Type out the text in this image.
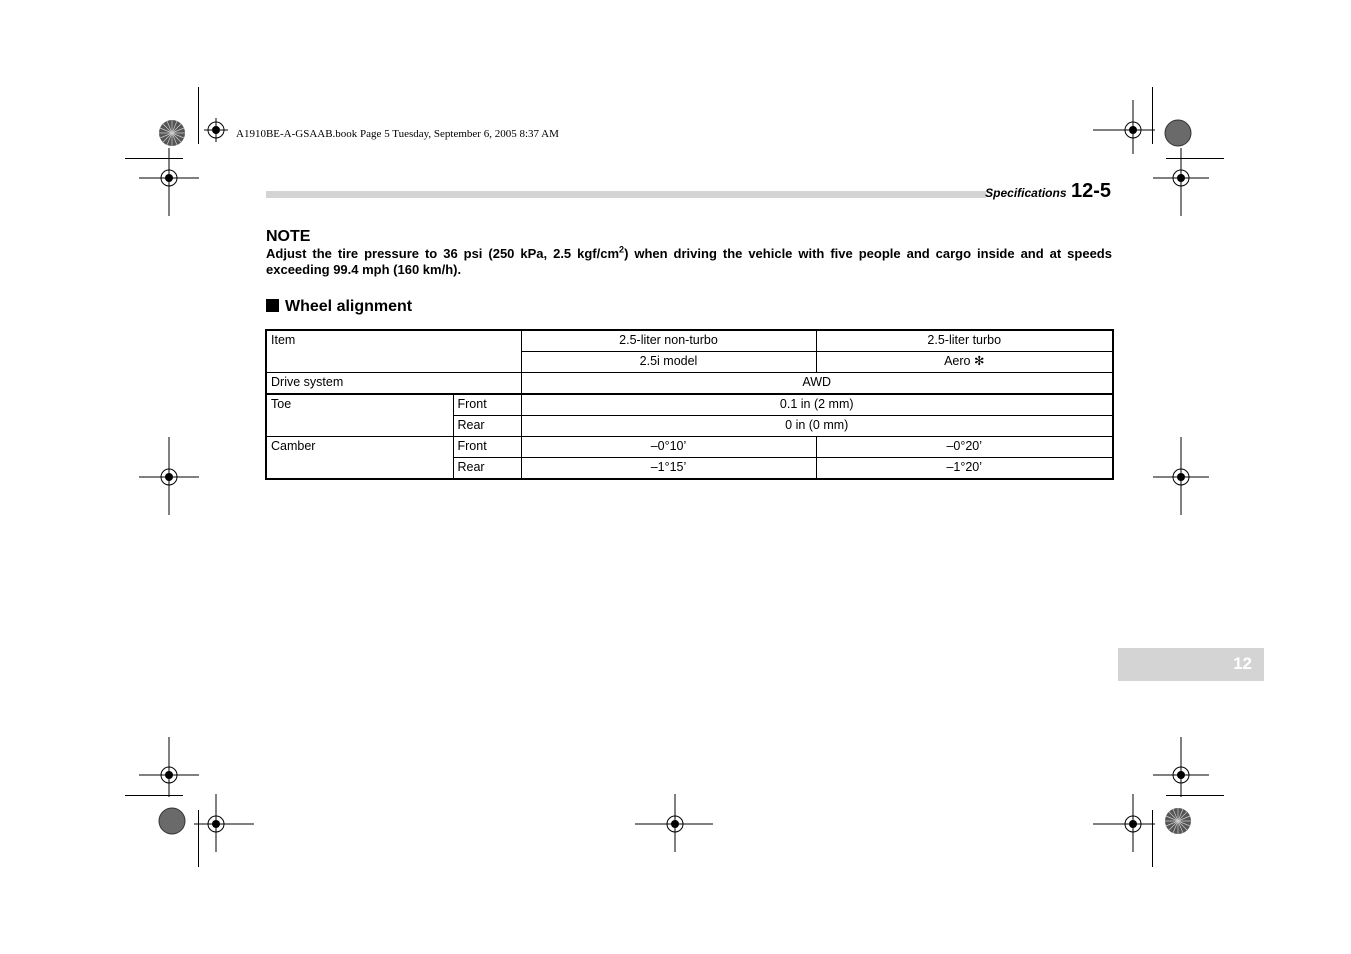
A1910BE-A-GSAAB.book Page 5 Tuesday, September 6, 2005 8:37 AM
Specifications 12-5
NOTE
Adjust the tire pressure to 36 psi (250 kPa, 2.5 kgf/$cm^2$) when driving the vehicle with five people and cargo inside and at speeds exceeding 99.4 mph (160 km/h).
Wheel alignment
Item		2.5-liter non-turbo	2.5-liter turbo
		2.5i model	Aero ✻
Drive system		AWD	
Toe	Front	0.1 in (2 mm)	
	Rear	0 in (0 mm)	
Camber	Front	–0°10’	–0°20’
	Rear	–1°15’	–1°20’
12
